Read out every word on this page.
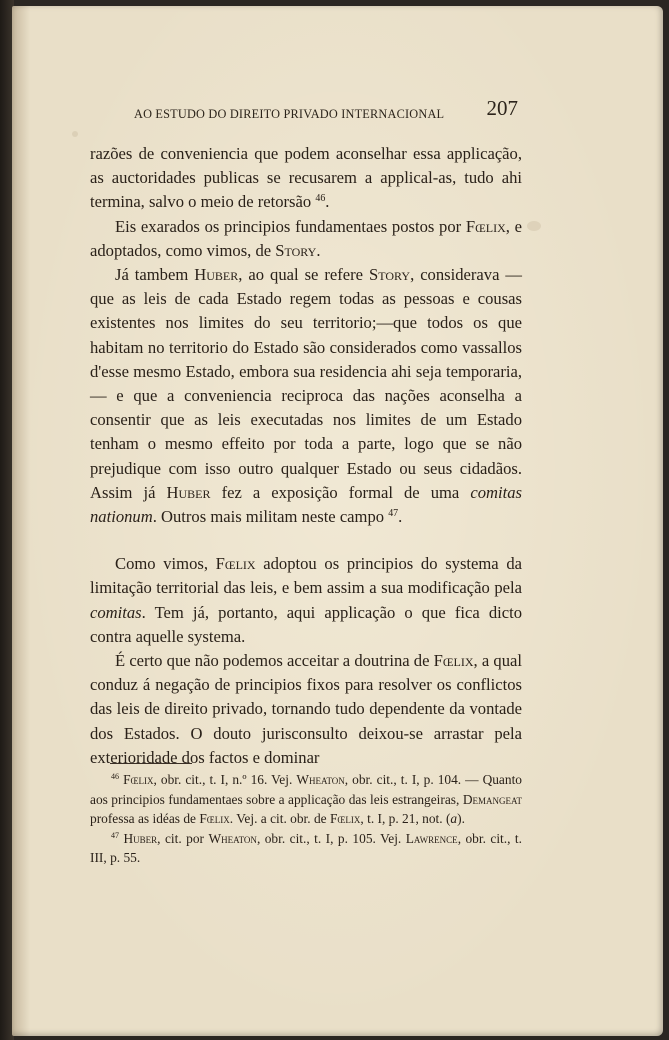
AO ESTUDO DO DIREITO PRIVADO INTERNACIONAL 207

razões de conveniencia que podem aconselhar essa applicação, as auctoridades publicas se recusarem a applical-as, tudo ahi termina, salvo o meio de retorsão $^{46}$.

Eis exarados os principios fundamentaes postos por Fœlix, e adoptados, como vimos, de Story.

Já tambem Huber, ao qual se refere Story, considerava —que as leis de cada Estado regem todas as pessoas e cousas existentes nos limites do seu territorio;—que todos os que habitam no territorio do Estado são considerados como vassallos d'esse mesmo Estado, embora sua residencia ahi seja temporaria, — e que a conveniencia reciproca das nações aconselha a consentir que as leis executadas nos limites de um Estado tenham o mesmo effeito por toda a parte, logo que se não prejudique com isso outro qualquer Estado ou seus cidadãos. Assim já Huber fez a exposição formal de uma comitas nationum. Outros mais militam neste campo $^{47}$.

Como vimos, Fœlix adoptou os principios do systema da limitação territorial das leis, e bem assim a sua modificação pela comitas. Tem já, portanto, aqui applicação o que fica dicto contra aquelle systema.

É certo que não podemos acceitar a doutrina de Fœlix, a qual conduz á negação de principios fixos para resolver os conflictos das leis de direito privado, tornando tudo dependente da vontade dos Estados. O douto jurisconsulto deixou-se arrastar pela exterioridade dos factos e dominar

$^{46}$ Fœlix, obr. cit., t. I, n.º 16. Vej. Wheaton, obr. cit., t. I, p. 104. — Quanto aos principios fundamentaes sobre a applicação das leis estrangeiras, Demangeat professa as idéas de Fœlix. Vej. a cit. obr. de Fœlix, t. I, p. 21, not. (a).

$^{47}$ Huber, cit. por Wheaton, obr. cit., t. I, p. 105. Vej. Lawrence, obr. cit., t. III, p. 55.
